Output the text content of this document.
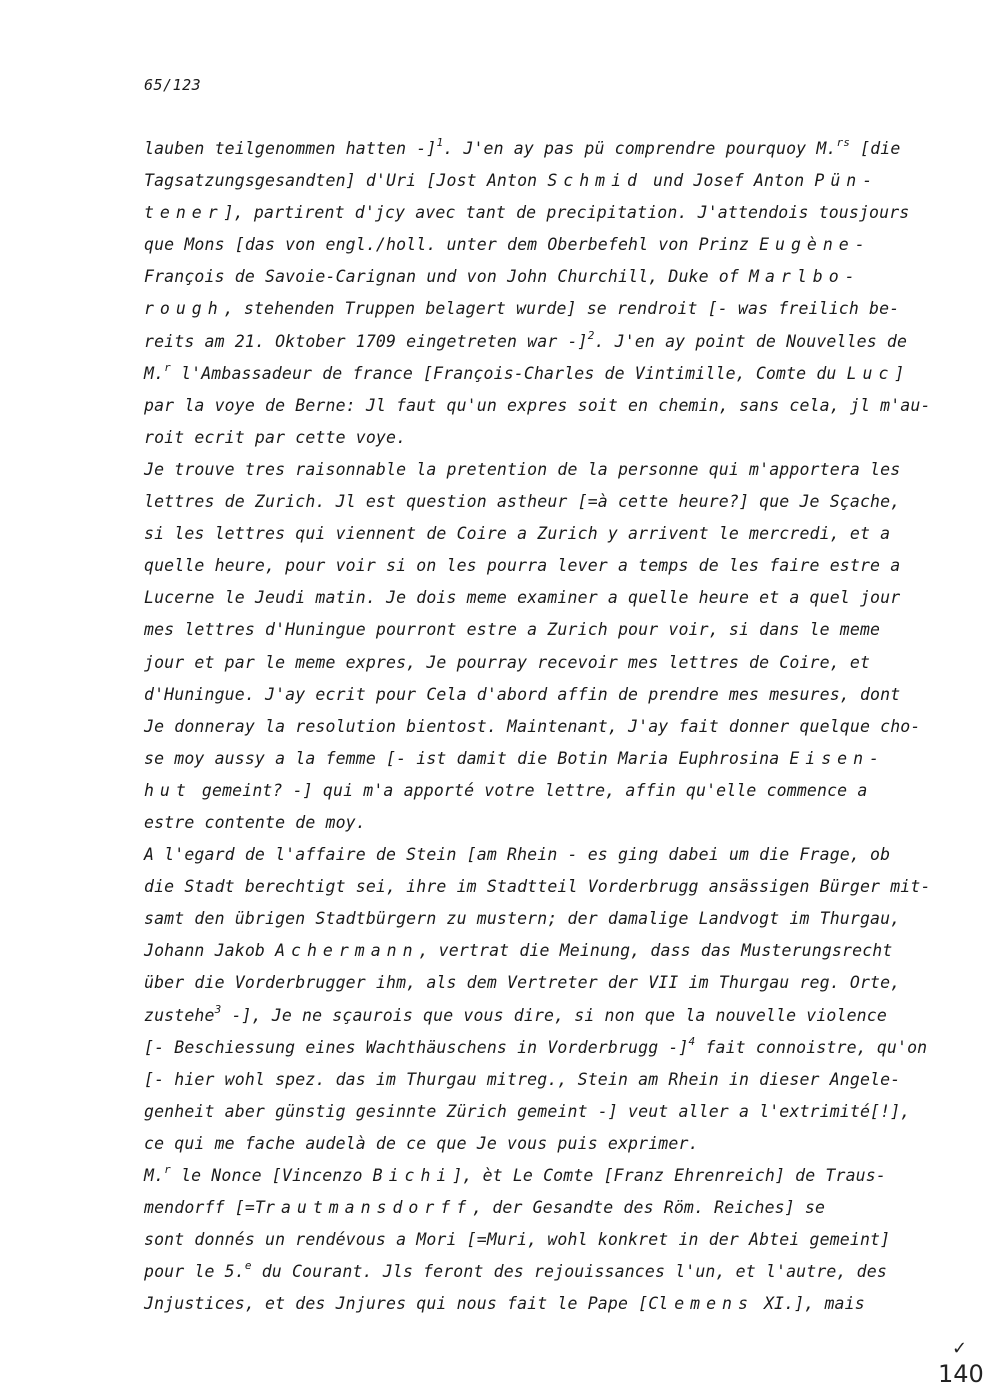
65/123
lauben teilgenommen hatten -]$^1$. J'en ay pas pü comprendre pourquoy M.$^{rs}$ [die
Tagsatzungsgesandten] d'Uri [Jost Anton Schmid und Josef Anton Pün-
tener], partirent d'jcy avec tant de precipitation. J'attendois tousjours
que Mons [das von engl./holl. unter dem Oberbefehl von Prinz Eugène-
François de Savoie-Carignan und von John Churchill, Duke of Marlbo-
rough, stehenden Truppen belagert wurde] se rendroit [- was freilich be-
reits am 21. Oktober 1709 eingetreten war -]$^2$. J'en ay point de Nouvelles de
M.$^r$ l'Ambassadeur de france [François-Charles de Vintimille, Comte du Luc]
par la voye de Berne: Jl faut qu'un expres soit en chemin, sans cela, jl m'au-
roit ecrit par cette voye.
Je trouve tres raisonnable la pretention de la personne qui m'apportera les
lettres de Zurich. Jl est question astheur [=à cette heure?] que Je Sçache,
si les lettres qui viennent de Coire a Zurich y arrivent le mercredi, et a
quelle heure, pour voir si on les pourra lever a temps de les faire estre a
Lucerne le Jeudi matin. Je dois meme examiner a quelle heure et a quel jour
mes lettres d'Huningue pourront estre a Zurich pour voir, si dans le meme
jour et par le meme expres, Je pourray recevoir mes lettres de Coire, et
d'Huningue. J'ay ecrit pour Cela d'abord affin de prendre mes mesures, dont
Je donneray la resolution bientost. Maintenant, J'ay fait donner quelque cho-
se moy aussy a la femme [- ist damit die Botin Maria Euphrosina Eisen-
hut gemeint? -] qui m'a apporté votre lettre, affin qu'elle commence a
estre contente de moy.
A l'egard de l'affaire de Stein [am Rhein - es ging dabei um die Frage, ob
die Stadt berechtigt sei, ihre im Stadtteil Vorderbrugg ansässigen Bürger mit-
samt den übrigen Stadtbürgern zu mustern; der damalige Landvogt im Thurgau,
Johann Jakob Achermann, vertrat die Meinung, dass das Musterungsrecht
über die Vorderbrugger ihm, als dem Vertreter der VII im Thurgau reg. Orte,
zustehe$^3$ -], Je ne sçaurois que vous dire, si non que la nouvelle violence
[- Beschiessung eines Wachthäuschens in Vorderbrugg -]$^4$ fait connoistre, qu'on
[- hier wohl spez. das im Thurgau mitreg., Stein am Rhein in dieser Angele-
genheit aber günstig gesinnte Zürich gemeint -] veut aller a l'extrimité[!],
ce qui me fache audelà de ce que Je vous puis exprimer.
M.$^r$ le Nonce [Vincenzo Bichi], èt Le Comte [Franz Ehrenreich] de Traus-
mendorff [=Trautmansdorff, der Gesandte des Röm. Reiches] se
sont donnés un rendévous a Mori [=Muri, wohl konkret in der Abtei gemeint]
pour le 5.$^e$ du Courant. Jls feront des rejouissances l'un, et l'autre, des
Jnjustices, et des Jnjures qui nous fait le Pape [Clemens XI.], mais
✓
140
